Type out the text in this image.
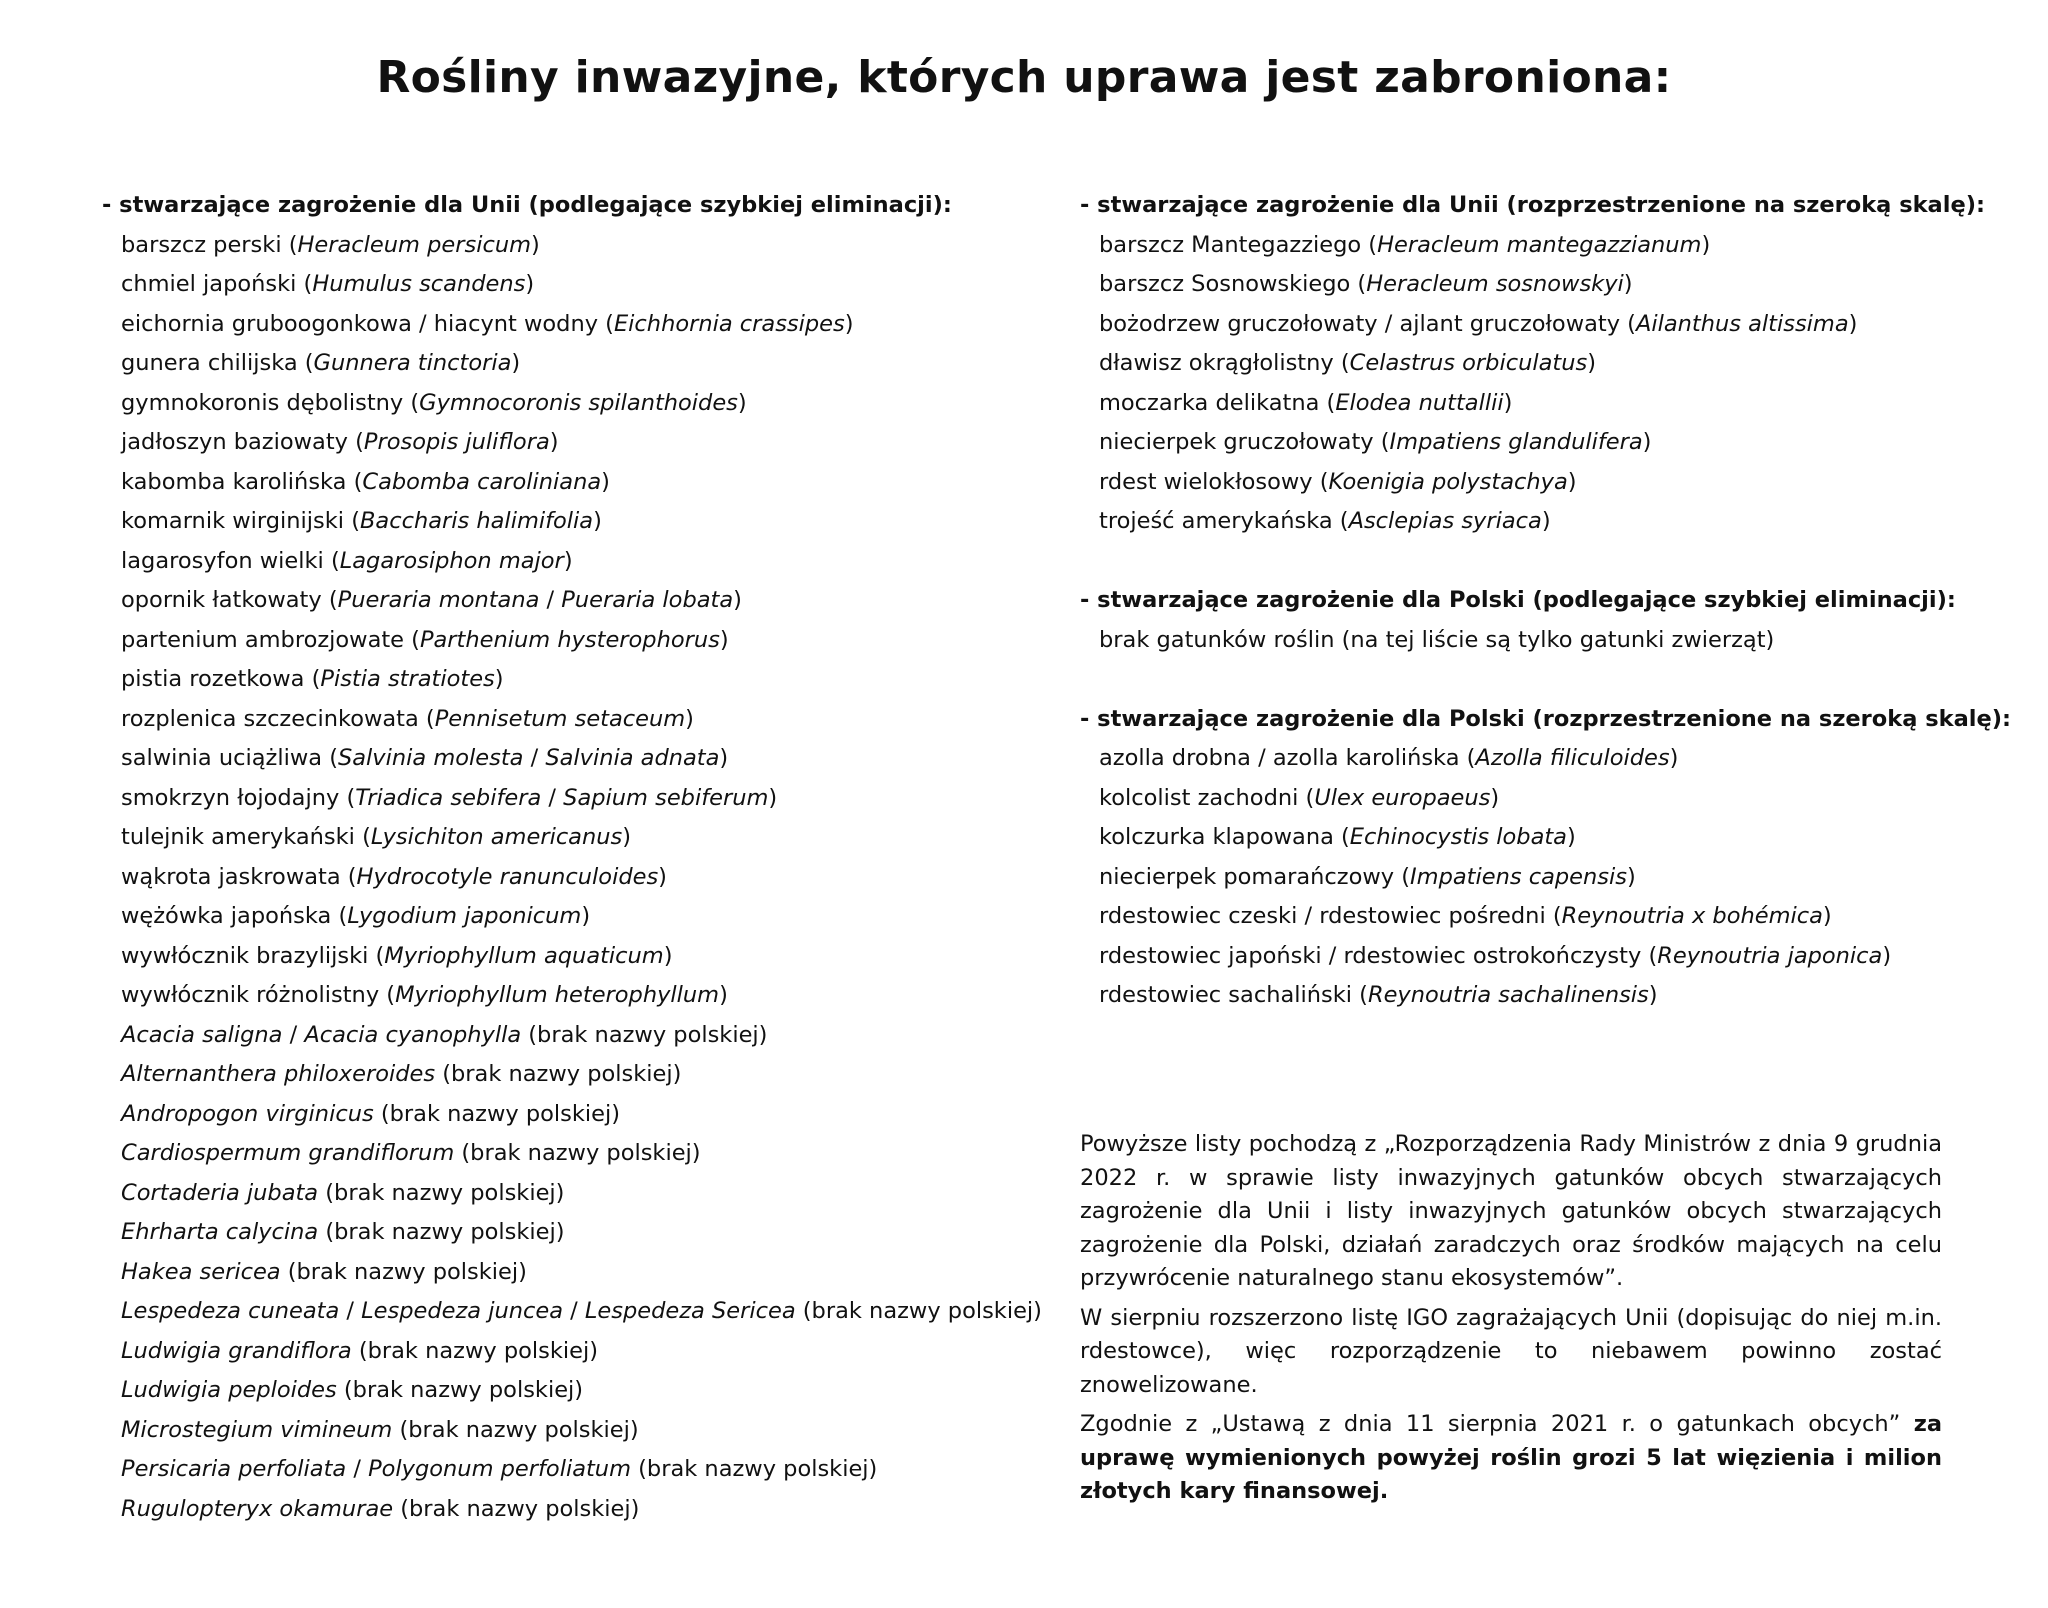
Rośliny inwazyjne, których uprawa jest zabroniona:
- stwarzające zagrożenie dla Unii (podlegające szybkiej eliminacji):
barszcz perski (Heracleum persicum)
chmiel japoński (Humulus scandens)
eichornia gruboogonkowa / hiacynt wodny (Eichhornia crassipes)
gunera chilijska (Gunnera tinctoria)
gymnokoronis dębolistny (Gymnocoronis spilanthoides)
jadłoszyn baziowaty (Prosopis juliflora)
kabomba karolińska (Cabomba caroliniana)
komarnik wirginijski (Baccharis halimifolia)
lagarosyfon wielki (Lagarosiphon major)
opornik łatkowaty (Pueraria montana / Pueraria lobata)
partenium ambrozjowate (Parthenium hysterophorus)
pistia rozetkowa (Pistia stratiotes)
rozplenica szczecinkowata (Pennisetum setaceum)
salwinia uciążliwa (Salvinia molesta / Salvinia adnata)
smokrzyn łojodajny (Triadica sebifera / Sapium sebiferum)
tulejnik amerykański (Lysichiton americanus)
wąkrota jaskrowata (Hydrocotyle ranunculoides)
wężówka japońska (Lygodium japonicum)
wywłócznik brazylijski (Myriophyllum aquaticum)
wywłócznik różnolistny (Myriophyllum heterophyllum)
Acacia saligna / Acacia cyanophylla (brak nazwy polskiej)
Alternanthera philoxeroides (brak nazwy polskiej)
Andropogon virginicus (brak nazwy polskiej)
Cardiospermum grandiflorum (brak nazwy polskiej)
Cortaderia jubata (brak nazwy polskiej)
Ehrharta calycina (brak nazwy polskiej)
Hakea sericea (brak nazwy polskiej)
Lespedeza cuneata / Lespedeza juncea / Lespedeza Sericea (brak nazwy polskiej)
Ludwigia grandiflora (brak nazwy polskiej)
Ludwigia peploides (brak nazwy polskiej)
Microstegium vimineum (brak nazwy polskiej)
Persicaria perfoliata / Polygonum perfoliatum (brak nazwy polskiej)
Rugulopteryx okamurae (brak nazwy polskiej)
- stwarzające zagrożenie dla Unii (rozprzestrzenione na szeroką skalę):
barszcz Mantegazziego (Heracleum mantegazzianum)
barszcz Sosnowskiego (Heracleum sosnowskyi)
bożodrzew gruczołowaty / ajlant gruczołowaty (Ailanthus altissima)
dławisz okrągłolistny (Celastrus orbiculatus)
moczarka delikatna (Elodea nuttallii)
niecierpek gruczołowaty (Impatiens glandulifera)
rdest wielokłosowy (Koenigia polystachya)
trojeść amerykańska (Asclepias syriaca)
- stwarzające zagrożenie dla Polski (podlegające szybkiej eliminacji):
brak gatunków roślin (na tej liście są tylko gatunki zwierząt)
- stwarzające zagrożenie dla Polski (rozprzestrzenione na szeroką skalę):
azolla drobna / azolla karolińska (Azolla filiculoides)
kolcolist zachodni (Ulex europaeus)
kolczurka klapowana (Echinocystis lobata)
niecierpek pomarańczowy (Impatiens capensis)
rdestowiec czeski / rdestowiec pośredni (Reynoutria x bohémica)
rdestowiec japoński / rdestowiec ostrokończysty (Reynoutria japonica)
rdestowiec sachaliński (Reynoutria sachalinensis)

Powyższe listy pochodzą z „Rozporządzenia Rady Ministrów z dnia 9 grudnia 2022 r. w sprawie listy inwazyjnych gatunków obcych stwarzających zagrożenie dla Unii i listy inwazyjnych gatunków obcych stwarzających zagrożenie dla Polski, działań zaradczych oraz środków mających na celu przywrócenie naturalnego stanu ekosystemów”.

W sierpniu rozszerzono listę IGO zagrażających Unii (dopisując do niej m.in. rdestowce), więc rozporządzenie to niebawem powinno zostać znowelizowane.

Zgodnie z „Ustawą z dnia 11 sierpnia 2021 r. o gatunkach obcych” za uprawę wymienionych powyżej roślin grozi 5 lat więzienia i milion złotych kary finansowej.
